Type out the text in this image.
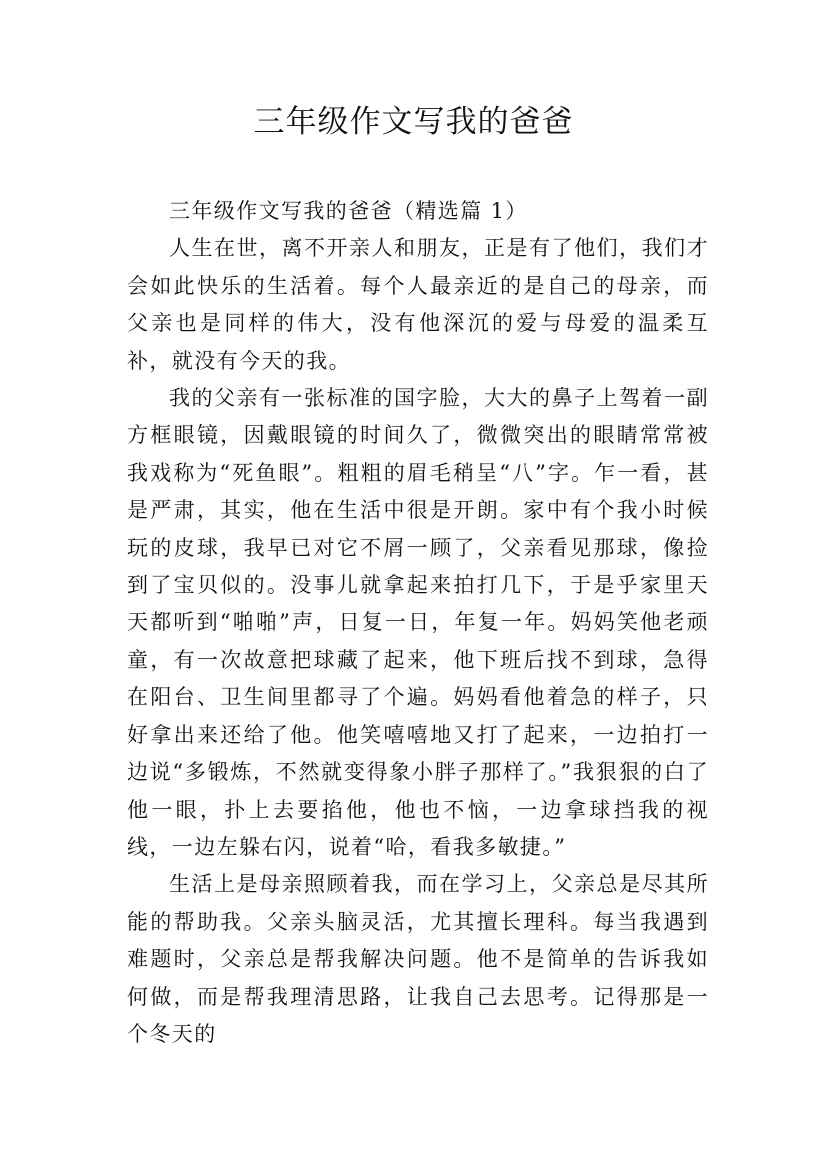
三年级作文写我的爸爸

三年级作文写我的爸爸（精选篇 1）

人生在世，离不开亲人和朋友，正是有了他们，我们才会如此快乐的生活着。每个人最亲近的是自己的母亲，而父亲也是同样的伟大，没有他深沉的爱与母爱的温柔互补，就没有今天的我。

我的父亲有一张标准的国字脸，大大的鼻子上驾着一副方框眼镜，因戴眼镜的时间久了，微微突出的眼睛常常被我戏称为“死鱼眼”。粗粗的眉毛稍呈“八”字。乍一看，甚是严肃，其实，他在生活中很是开朗。家中有个我小时候玩的皮球，我早已对它不屑一顾了，父亲看见那球，像捡到了宝贝似的。没事儿就拿起来拍打几下，于是乎家里天天都听到“啪啪”声，日复一日，年复一年。妈妈笑他老顽童，有一次故意把球藏了起来，他下班后找不到球，急得在阳台、卫生间里都寻了个遍。妈妈看他着急的样子，只好拿出来还给了他。他笑嘻嘻地又打了起来，一边拍打一边说“多锻炼，不然就变得象小胖子那样了。”我狠狠的白了他一眼，扑上去要掐他，他也不恼，一边拿球挡我的视线，一边左躲右闪，说着“哈，看我多敏捷。”

生活上是母亲照顾着我，而在学习上，父亲总是尽其所能的帮助我。父亲头脑灵活，尤其擅长理科。每当我遇到难题时，父亲总是帮我解决问题。他不是简单的告诉我如何做，而是帮我理清思路，让我自己去思考。记得那是一个冬天的
